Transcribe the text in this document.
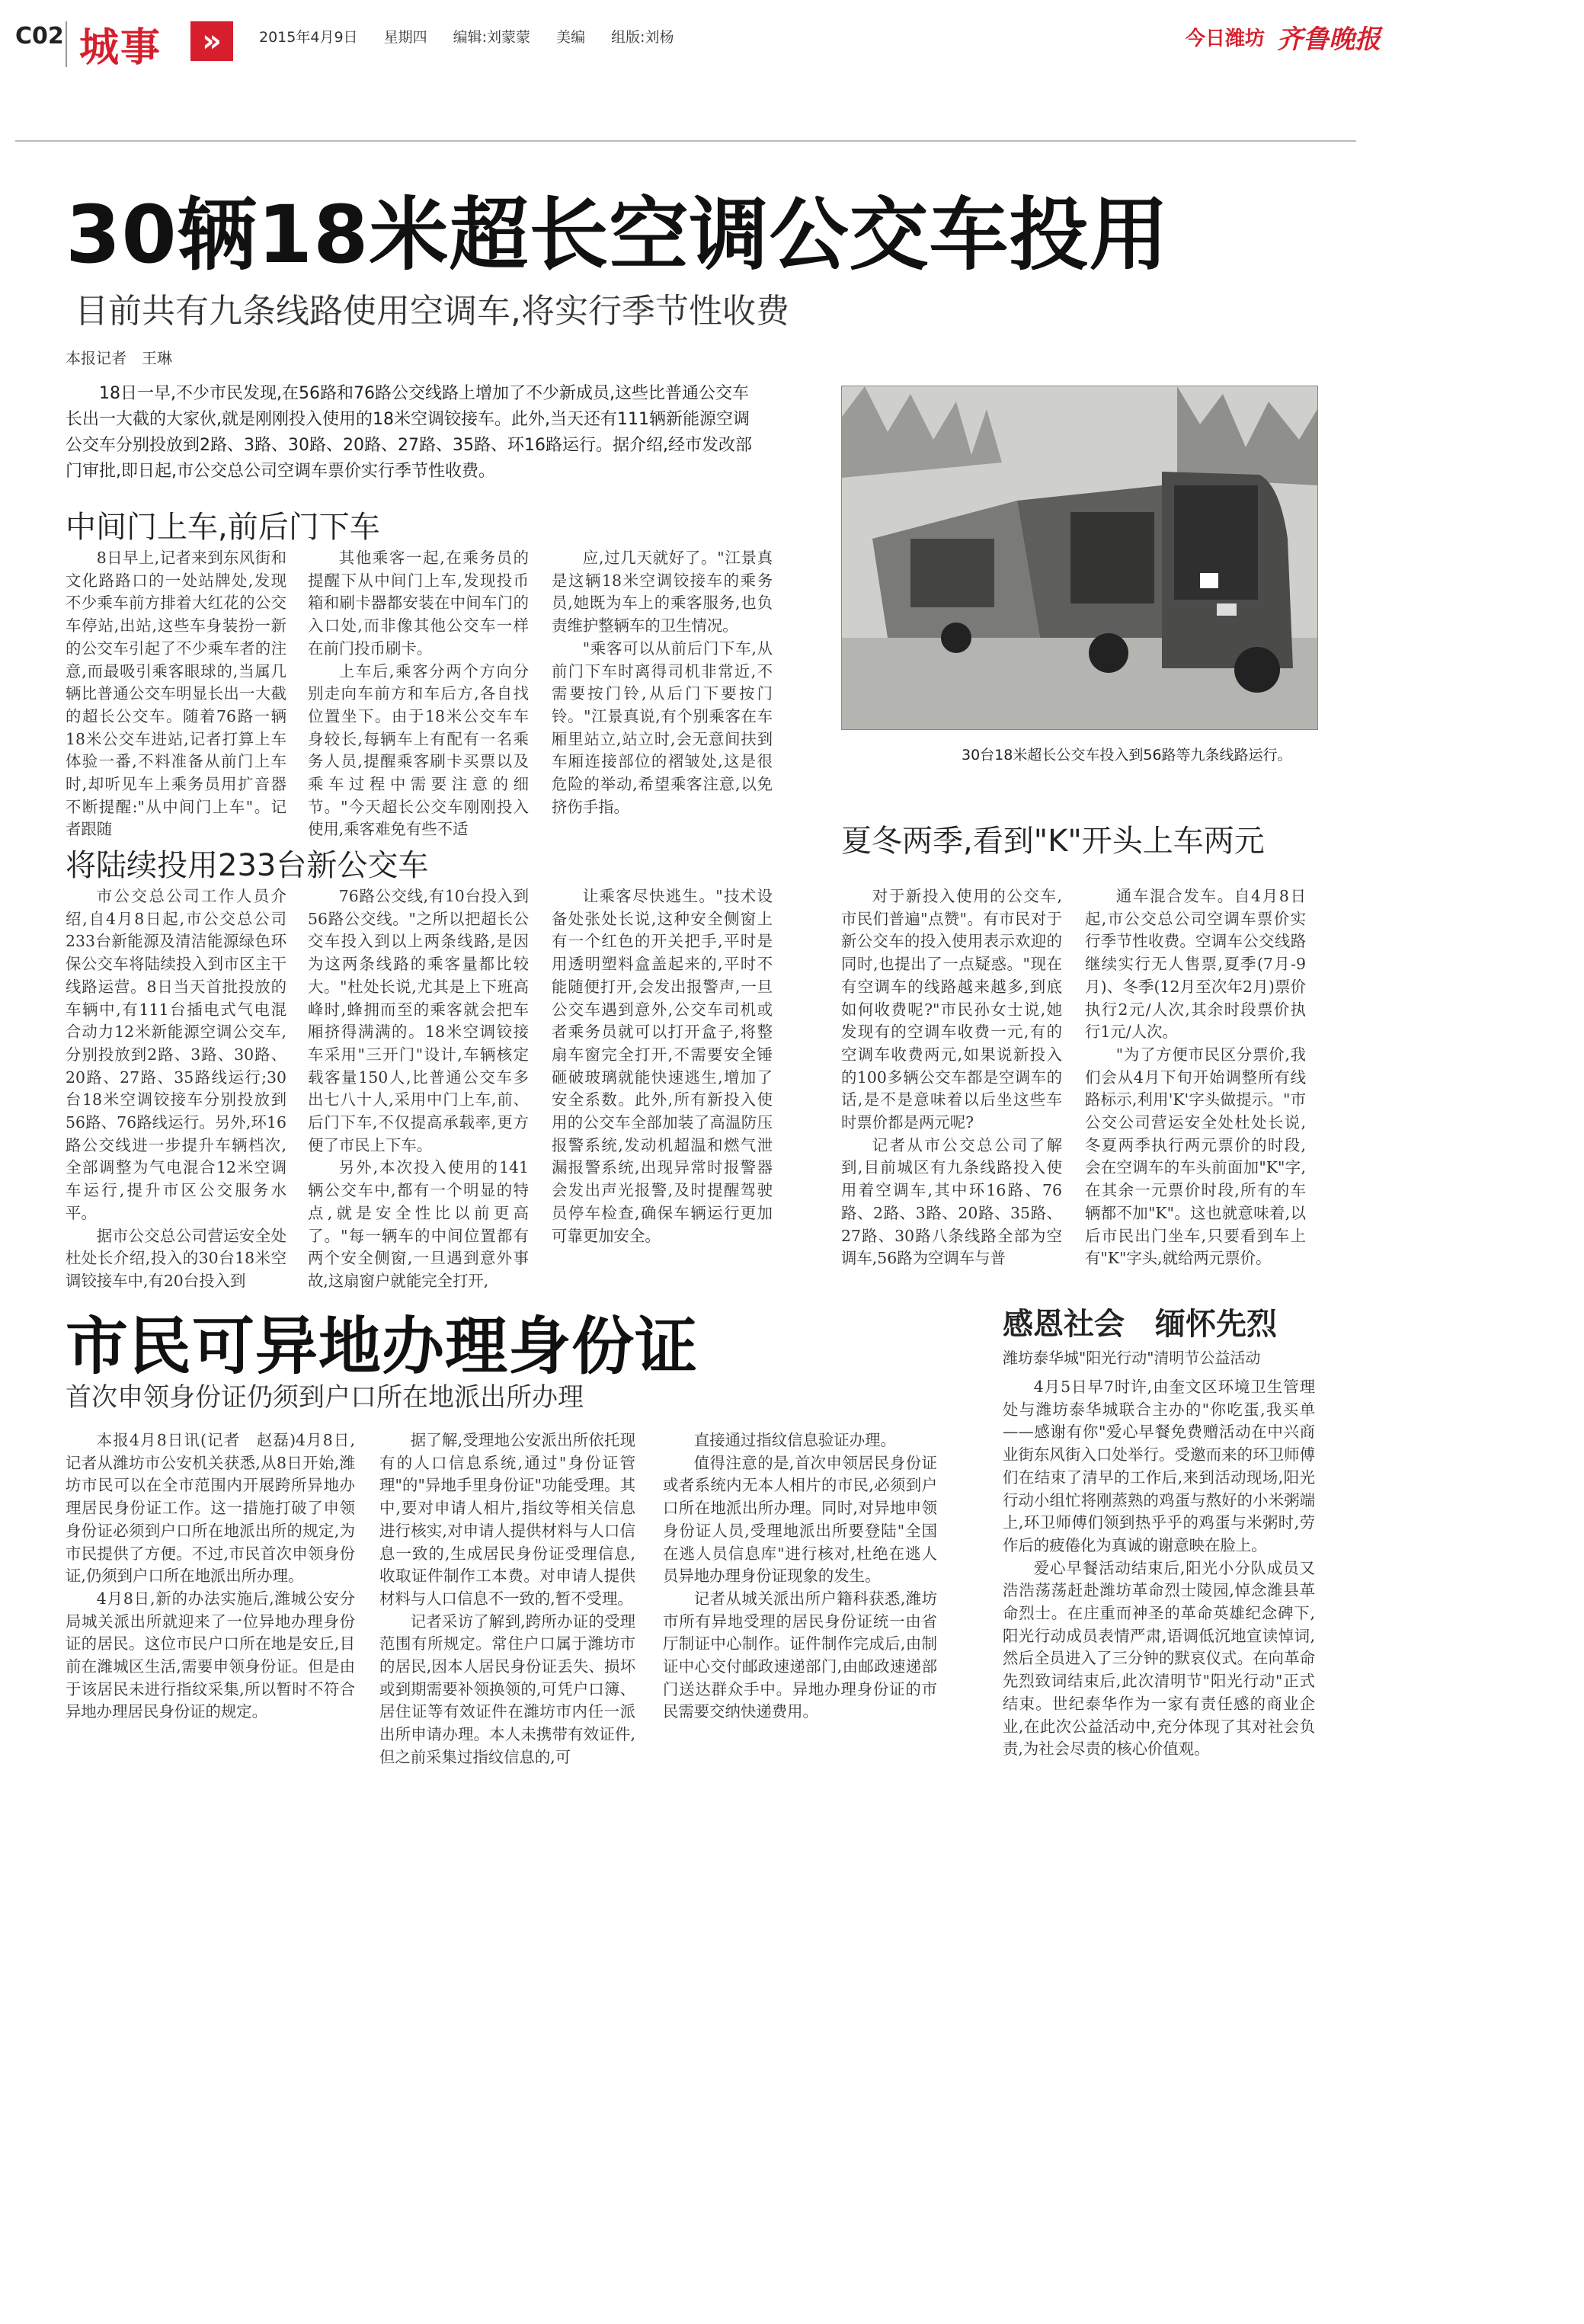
C02 城事	»	2015年4月9日 星期四 编辑:刘蒙蒙 美编 组版:刘杨	今日潍坊 齐鲁晚报
30辆18米超长空调公交车投用
目前共有九条线路使用空调车,将实行季节性收费
本报记者　王琳

18日一早,不少市民发现,在56路和76路公交线路上增加了不少新成员,这些比普通公交车长出一大截的大家伙,就是刚刚投入使用的18米空调铰接车。此外,当天还有111辆新能源空调公交车分别投放到2路、3路、30路、20路、27路、35路、环16路运行。据介绍,经市发改部门审批,即日起,市公交总公司空调车票价实行季节性收费。

中间门上车,前后门下车

8日早上,记者来到东风街和文化路路口的一处站牌处,发现不少乘车前方排着大红花的公交车停站,出站,这些车身装扮一新的公交车引起了不少乘车者的注意,而最吸引乘客眼球的,当属几辆比普通公交车明显长出一大截的超长公交车。随着76路一辆18米公交车进站,记者打算上车体验一番,不料准备从前门上车时,却听见车上乘务员用扩音器不断提醒:"从中间门上车"。记者跟随

其他乘客一起,在乘务员的提醒下从中间门上车,发现投币箱和刷卡器都安装在中间车门的入口处,而非像其他公交车一样在前门投币刷卡。

上车后,乘客分两个方向分别走向车前方和车后方,各自找位置坐下。由于18米公交车车身较长,每辆车上有配有一名乘务人员,提醒乘客刷卡买票以及乘车过程中需要注意的细节。"今天超长公交车刚刚投入使用,乘客难免有些不适

应,过几天就好了。"江景真是这辆18米空调铰接车的乘务员,她既为车上的乘客服务,也负责维护整辆车的卫生情况。

"乘客可以从前后门下车,从前门下车时离得司机非常近,不需要按门铃,从后门下要按门铃。"江景真说,有个别乘客在车厢里站立,站立时,会无意间扶到车厢连接部位的褶皱处,这是很危险的举动,希望乘客注意,以免挤伤手指。

将陆续投用233台新公交车

市公交总公司工作人员介绍,自4月8日起,市公交总公司233台新能源及清洁能源绿色环保公交车将陆续投入到市区主干线路运营。8日当天首批投放的车辆中,有111台插电式气电混合动力12米新能源空调公交车,分别投放到2路、3路、30路、20路、27路、35路线运行;30台18米空调铰接车分别投放到56路、76路线运行。另外,环16路公交线进一步提升车辆档次,全部调整为气电混合12米空调车运行,提升市区公交服务水平。

据市公交总公司营运安全处杜处长介绍,投入的30台18米空调铰接车中,有20台投入到

76路公交线,有10台投入到56路公交线。"之所以把超长公交车投入到以上两条线路,是因为这两条线路的乘客量都比较大。"杜处长说,尤其是上下班高峰时,蜂拥而至的乘客就会把车厢挤得满满的。18米空调铰接车采用"三开门"设计,车辆核定载客量150人,比普通公交车多出七八十人,采用中门上车,前、后门下车,不仅提高承载率,更方便了市民上下车。

另外,本次投入使用的141辆公交车中,都有一个明显的特点,就是安全性比以前更高了。"每一辆车的中间位置都有两个安全侧窗,一旦遇到意外事故,这扇窗户就能完全打开,

让乘客尽快逃生。"技术设备处张处长说,这种安全侧窗上有一个红色的开关把手,平时是用透明塑料盒盖起来的,平时不能随便打开,会发出报警声,一旦公交车遇到意外,公交车司机或者乘务员就可以打开盒子,将整扇车窗完全打开,不需要安全锤砸破玻璃就能快速逃生,增加了安全系数。此外,所有新投入使用的公交车全部加装了高温防压报警系统,发动机超温和燃气泄漏报警系统,出现异常时报警器会发出声光报警,及时提醒驾驶员停车检查,确保车辆运行更加可靠更加安全。

30台18米超长公交车投入到56路等九条线路运行。
夏冬两季,看到"K"开头上车两元

对于新投入使用的公交车,市民们普遍"点赞"。有市民对于新公交车的投入使用表示欢迎的同时,也提出了一点疑惑。"现在有空调车的线路越来越多,到底如何收费呢?"市民孙女士说,她发现有的空调车收费一元,有的空调车收费两元,如果说新投入的100多辆公交车都是空调车的话,是不是意味着以后坐这些车时票价都是两元呢?

记者从市公交总公司了解到,目前城区有九条线路投入使用着空调车,其中环16路、76路、2路、3路、20路、35路、27路、30路八条线路全部为空调车,56路为空调车与普

通车混合发车。自4月8日起,市公交总公司空调车票价实行季节性收费。空调车公交线路继续实行无人售票,夏季(7月-9月)、冬季(12月至次年2月)票价执行2元/人次,其余时段票价执行1元/人次。

"为了方便市民区分票价,我们会从4月下旬开始调整所有线路标示,利用'K'字头做提示。"市公交公司营运安全处杜处长说,冬夏两季执行两元票价的时段,会在空调车的车头前面加"K"字,在其余一元票价时段,所有的车辆都不加"K"。这也就意味着,以后市民出门坐车,只要看到车上有"K"字头,就给两元票价。

市民可异地办理身份证
首次申领身份证仍须到户口所在地派出所办理

本报4月8日讯(记者　赵磊)4月8日,记者从潍坊市公安机关获悉,从8日开始,潍坊市民可以在全市范围内开展跨所异地办理居民身份证工作。这一措施打破了申领身份证必须到户口所在地派出所的规定,为市民提供了方便。不过,市民首次申领身份证,仍须到户口所在地派出所办理。

4月8日,新的办法实施后,潍城公安分局城关派出所就迎来了一位异地办理身份证的居民。这位市民户口所在地是安丘,目前在潍城区生活,需要申领身份证。但是由于该居民未进行指纹采集,所以暂时不符合异地办理居民身份证的规定。

据了解,受理地公安派出所依托现有的人口信息系统,通过"身份证管理"的"异地手里身份证"功能受理。其中,要对申请人相片,指纹等相关信息进行核实,对申请人提供材料与人口信息一致的,生成居民身份证受理信息,收取证件制作工本费。对申请人提供材料与人口信息不一致的,暂不受理。

记者采访了解到,跨所办证的受理范围有所规定。常住户口属于潍坊市的居民,因本人居民身份证丢失、损坏或到期需要补领换领的,可凭户口簿、居住证等有效证件在潍坊市内任一派出所申请办理。本人未携带有效证件,但之前采集过指纹信息的,可

直接通过指纹信息验证办理。

值得注意的是,首次申领居民身份证或者系统内无本人相片的市民,必须到户口所在地派出所办理。同时,对异地申领身份证人员,受理地派出所要登陆"全国在逃人员信息库"进行核对,杜绝在逃人员异地办理身份证现象的发生。

记者从城关派出所户籍科获悉,潍坊市所有异地受理的居民身份证统一由省厅制证中心制作。证件制作完成后,由制证中心交付邮政速递部门,由邮政速递部门送达群众手中。异地办理身份证的市民需要交纳快递费用。

感恩社会　缅怀先烈
潍坊泰华城"阳光行动"清明节公益活动

4月5日早7时许,由奎文区环境卫生管理处与潍坊泰华城联合主办的"你吃蛋,我买单——感谢有你"爱心早餐免费赠活动在中兴商业街东风街入口处举行。受邀而来的环卫师傅们在结束了清早的工作后,来到活动现场,阳光行动小组忙将刚蒸熟的鸡蛋与熬好的小米粥端上,环卫师傅们领到热乎乎的鸡蛋与米粥时,劳作后的疲倦化为真诚的谢意映在脸上。

爱心早餐活动结束后,阳光小分队成员又浩浩荡荡赶赴潍坊革命烈士陵园,悼念潍县革命烈士。在庄重而神圣的革命英雄纪念碑下,阳光行动成员表情严肃,语调低沉地宣读悼词,然后全员进入了三分钟的默哀仪式。在向革命先烈致词结束后,此次清明节"阳光行动"正式结束。世纪泰华作为一家有责任感的商业企业,在此次公益活动中,充分体现了其对社会负责,为社会尽责的核心价值观。
